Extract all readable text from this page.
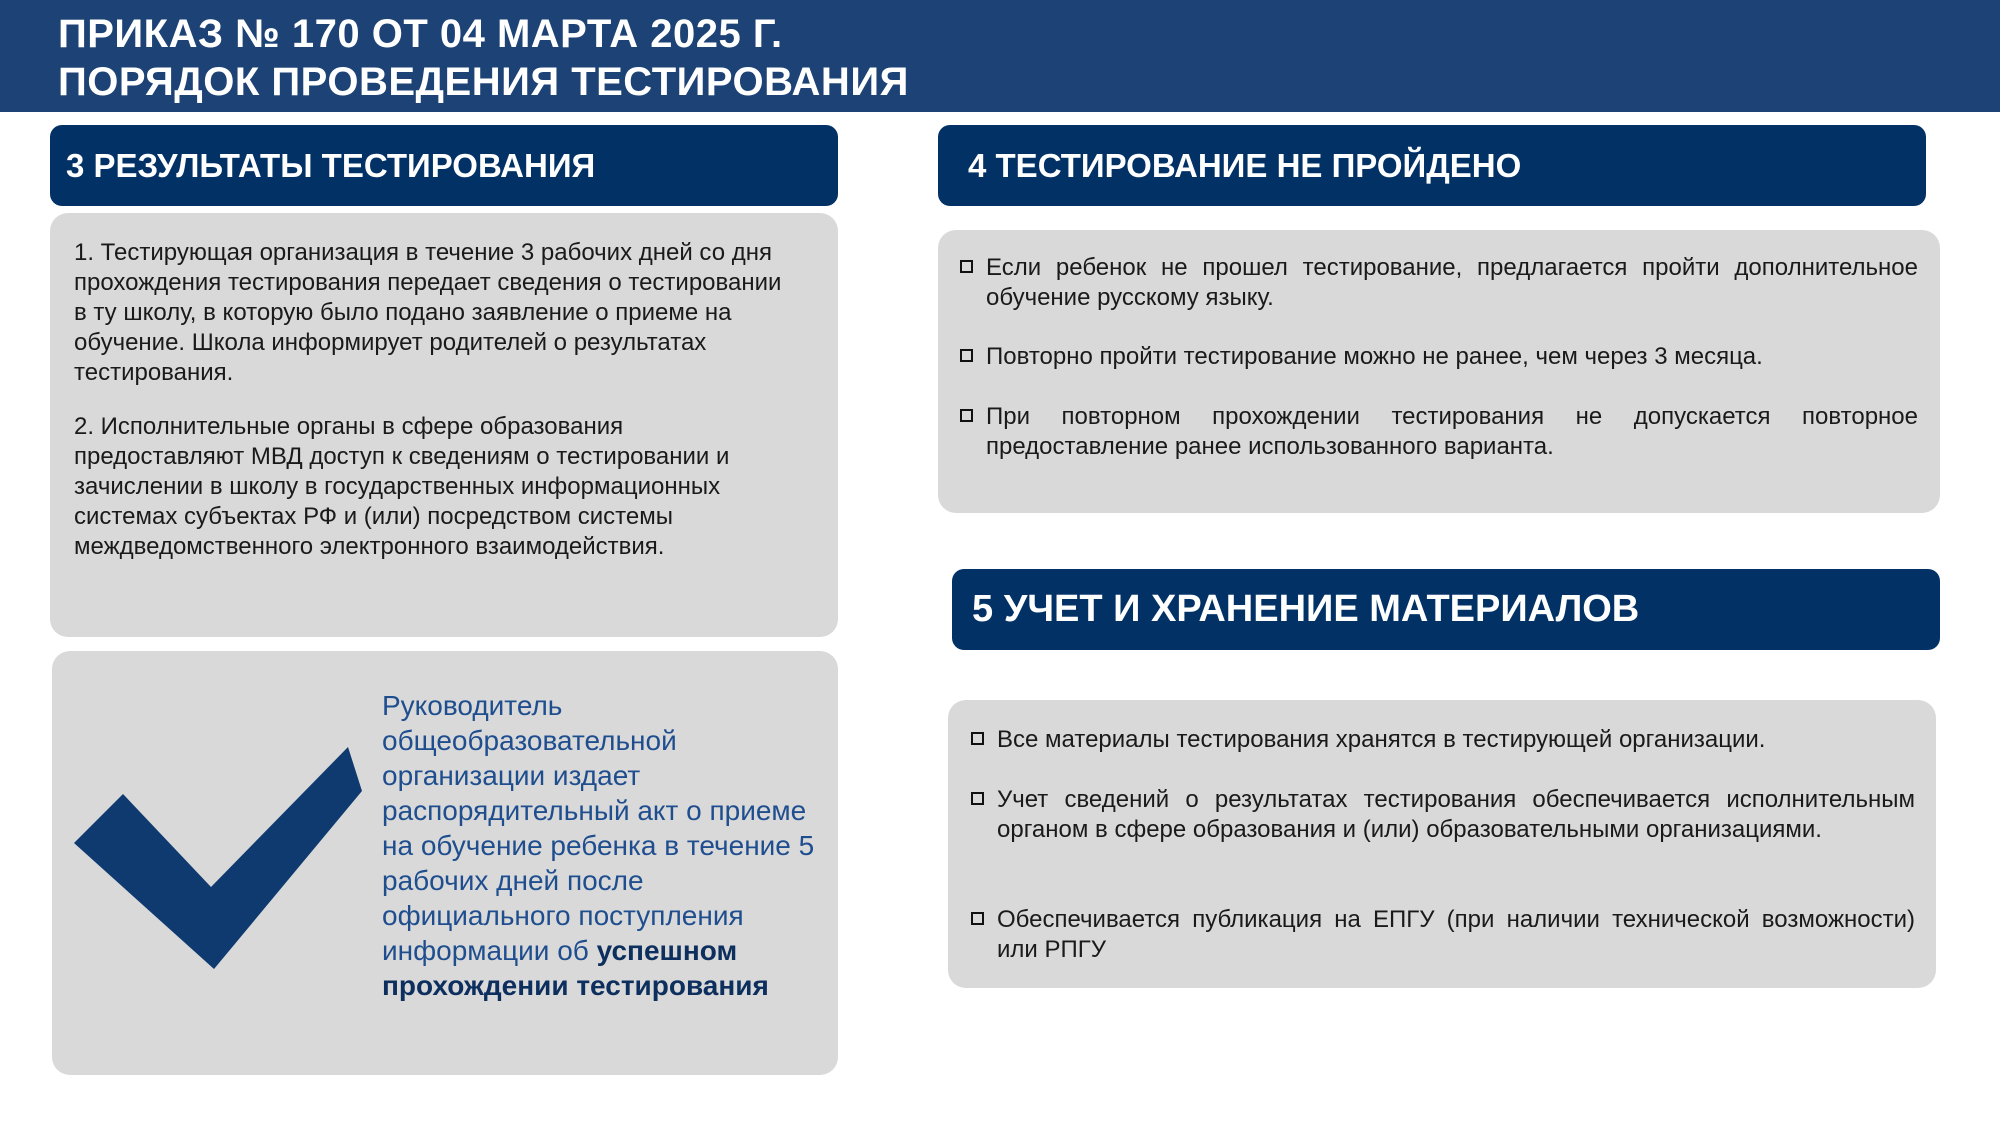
ПРИКАЗ № 170 ОТ 04 МАРТА 2025 Г.
ПОРЯДОК ПРОВЕДЕНИЯ ТЕСТИРОВАНИЯ
3 РЕЗУЛЬТАТЫ ТЕСТИРОВАНИЯ
1. Тестирующая организация в течение 3 рабочих дней со дня прохождения тестирования передает сведения о тестировании в ту школу, в которую было подано заявление о приеме на обучение. Школа информирует родителей о результатах тестирования.
2. Исполнительные органы в сфере образования предоставляют МВД доступ к сведениям о тестировании и зачислении в школу в государственных информационных системах субъектах РФ и (или) посредством системы междведомственного электронного взаимодействия.
Руководитель общеобразовательной организации издает распорядительный акт о приеме на обучение ребенка в течение 5 рабочих дней после официального поступления информации об успешном прохождении тестирования
4 ТЕСТИРОВАНИЕ НЕ ПРОЙДЕНО
Если ребенок не прошел тестирование, предлагается пройти дополнительное обучение русскому языку.
Повторно пройти тестирование можно не ранее, чем через 3 месяца.
При повторном прохождении тестирования не допускается повторное предоставление ранее использованного варианта.
5 УЧЕТ И ХРАНЕНИЕ МАТЕРИАЛОВ
Все материалы тестирования хранятся в тестирующей организации.
Учет сведений о результатах тестирования обеспечивается исполнительным органом в сфере образования и (или) образовательными организациями.
Обеспечивается публикация на ЕПГУ (при наличии технической возможности) или РПГУ
